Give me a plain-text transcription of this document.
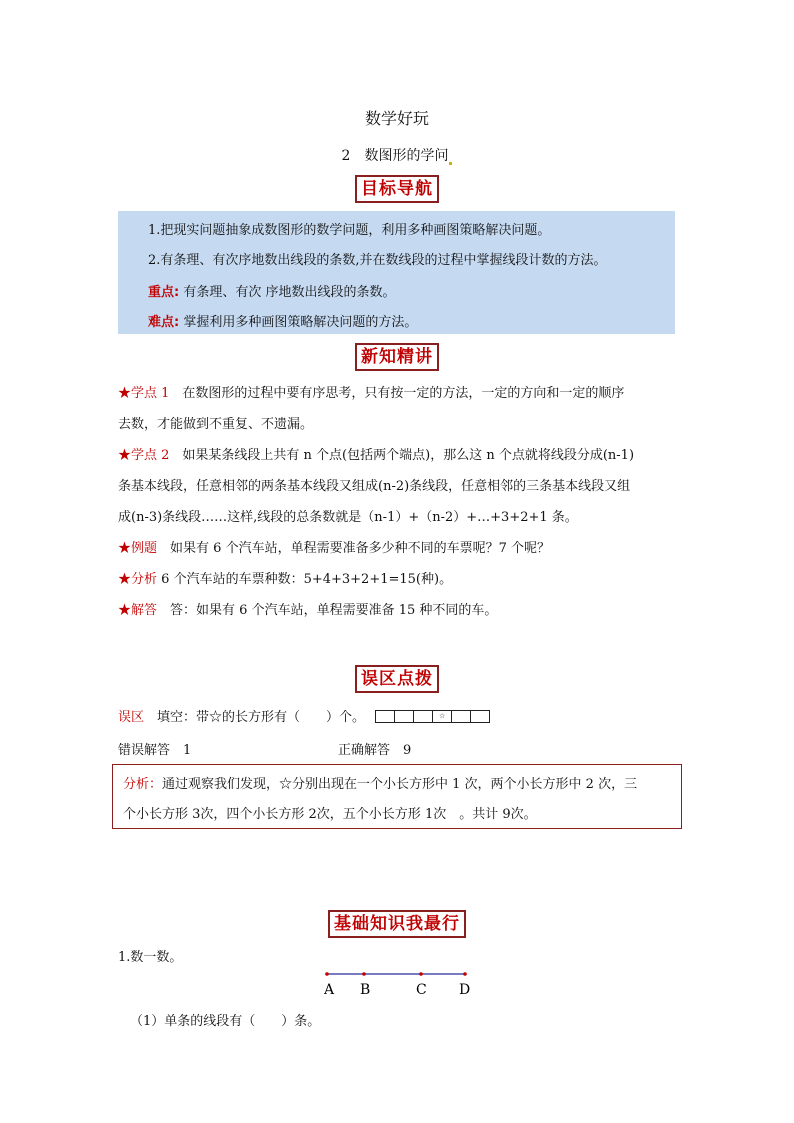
数学好玩
2　数图形的学问
目标导航
1.把现实问题抽象成数图形的数学问题，利用多种画图策略解决问题。
2.有条理、有次序地数出线段的条数,并在数线段的过程中掌握线段计数的方法。
重点: 有条理、有次 序地数出线段的条数。
难点: 掌握利用多种画图策略解决问题的方法。
新知精讲
★学点 1　在数图形的过程中要有序思考，只有按一定的方法，一定的方向和一定的顺序
去数，才能做到不重复、不遗漏。
★学点 2　如果某条线段上共有 n 个点(包括两个端点)，那么这 n 个点就将线段分成(n-1)
条基本线段，任意相邻的两条基本线段又组成(n-2)条线段，任意相邻的三条基本线段又组
成(n-3)条线段……这样,线段的总条数就是（n-1）+（n-2）+…+3+2+1 条。
★例题　如果有 6 个汽车站，单程需要准备多少种不同的车票呢？7 个呢？
★分析 6 个汽车站的车票种数：5+4+3+2+1=15(种)。
★解答　答：如果有 6 个汽车站，单程需要准备 15 种不同的车。
误区点拨
误区　填空：带☆的长方形有（　　）个。	☆
错误解答　1	正确解答　9
分析：通过观察我们发现，☆分别出现在一个小长方形中 1 次，两个小长方形中 2 次，三
个小长方形 3次，四个小长方形 2次，五个小长方形 1次　。共计 9次。
基础知识我最行
1.数一数。
A B	C D
（1）单条的线段有（　　）条。
